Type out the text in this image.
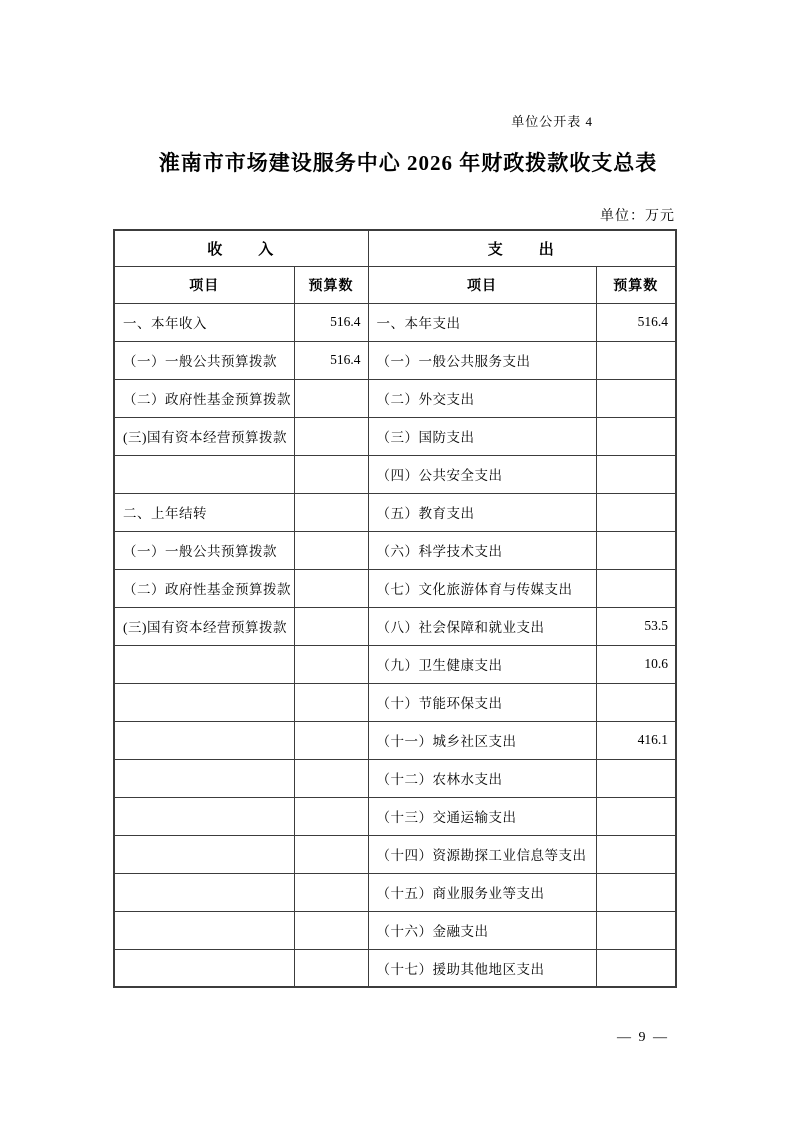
单位公开表 4
淮南市市场建设服务中心 2026 年财政拨款收支总表
单位：万元
收　　入		支　　出	
项目	预算数	项目	预算数
一、本年收入	516.4	一、本年支出	516.4
（一）一般公共预算拨款	516.4	（一）一般公共服务支出	
（二）政府性基金预算拨款		（二）外交支出	
(三)国有资本经营预算拨款		（三）国防支出	
		（四）公共安全支出	
二、上年结转		（五）教育支出	
（一）一般公共预算拨款		（六）科学技术支出	
（二）政府性基金预算拨款		（七）文化旅游体育与传媒支出	
(三)国有资本经营预算拨款		（八）社会保障和就业支出	53.5
		（九）卫生健康支出	10.6
		（十）节能环保支出	
		（十一）城乡社区支出	416.1
		（十二）农林水支出	
		（十三）交通运输支出	
		（十四）资源勘探工业信息等支出	
		（十五）商业服务业等支出	
		（十六）金融支出	
		（十七）援助其他地区支出	
— 9 —
